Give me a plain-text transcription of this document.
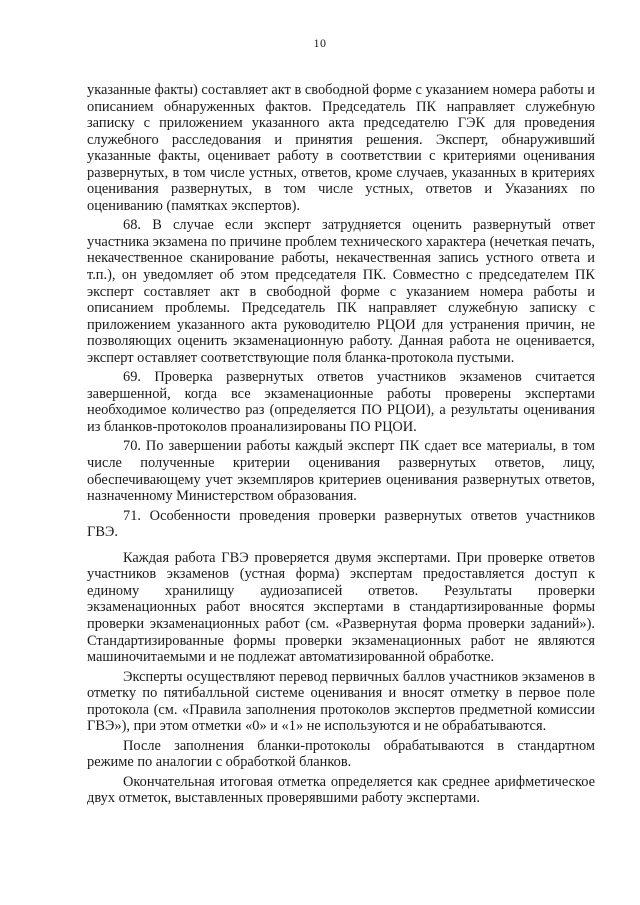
10

указанные факты) составляет акт в свободной форме с указанием номера работы и описанием обнаруженных фактов. Председатель ПК направляет служебную записку с приложением указанного акта председателю ГЭК для проведения служебного расследования и принятия решения. Эксперт, обнаруживший указанные факты, оценивает работу в соответствии с критериями оценивания развернутых, в том числе устных, ответов, кроме случаев, указанных в критериях оценивания развернутых, в том числе устных, ответов и Указаниях по оцениванию (памятках экспертов).

68. В случае если эксперт затрудняется оценить развернутый ответ участника экзамена по причине проблем технического характера (нечеткая печать, некачественное сканирование работы, некачественная запись устного ответа и т.п.), он уведомляет об этом председателя ПК. Совместно с председателем ПК эксперт составляет акт в свободной форме с указанием номера работы и описанием проблемы. Председатель ПК направляет служебную записку с приложением указанного акта руководителю РЦОИ для устранения причин, не позволяющих оценить экзаменационную работу. Данная работа не оценивается, эксперт оставляет соответствующие поля бланка-протокола пустыми.

69. Проверка развернутых ответов участников экзаменов считается завершенной, когда все экзаменационные работы проверены экспертами необходимое количество раз (определяется ПО РЦОИ), а результаты оценивания из бланков-протоколов проанализированы ПО РЦОИ.

70. По завершении работы каждый эксперт ПК сдает все материалы, в том числе полученные критерии оценивания развернутых ответов, лицу, обеспечивающему учет экземпляров критериев оценивания развернутых ответов, назначенному Министерством образования.

71. Особенности проведения проверки развернутых ответов участников ГВЭ.

Каждая работа ГВЭ проверяется двумя экспертами. При проверке ответов участников экзаменов (устная форма) экспертам предоставляется доступ к единому хранилищу аудиозаписей ответов. Результаты проверки экзаменационных работ вносятся экспертами в стандартизированные формы проверки экзаменационных работ (см. «Развернутая форма проверки заданий»). Стандартизированные формы проверки экзаменационных работ не являются машиночитаемыми и не подлежат автоматизированной обработке.

Эксперты осуществляют перевод первичных баллов участников экзаменов в отметку по пятибалльной системе оценивания и вносят отметку в первое поле протокола (см. «Правила заполнения протоколов экспертов предметной комиссии ГВЭ»), при этом отметки «0» и «1» не используются и не обрабатываются.

После заполнения бланки-протоколы обрабатываются в стандартном режиме по аналогии с обработкой бланков.

Окончательная итоговая отметка определяется как среднее арифметическое двух отметок, выставленных проверявшими работу экспертами.
